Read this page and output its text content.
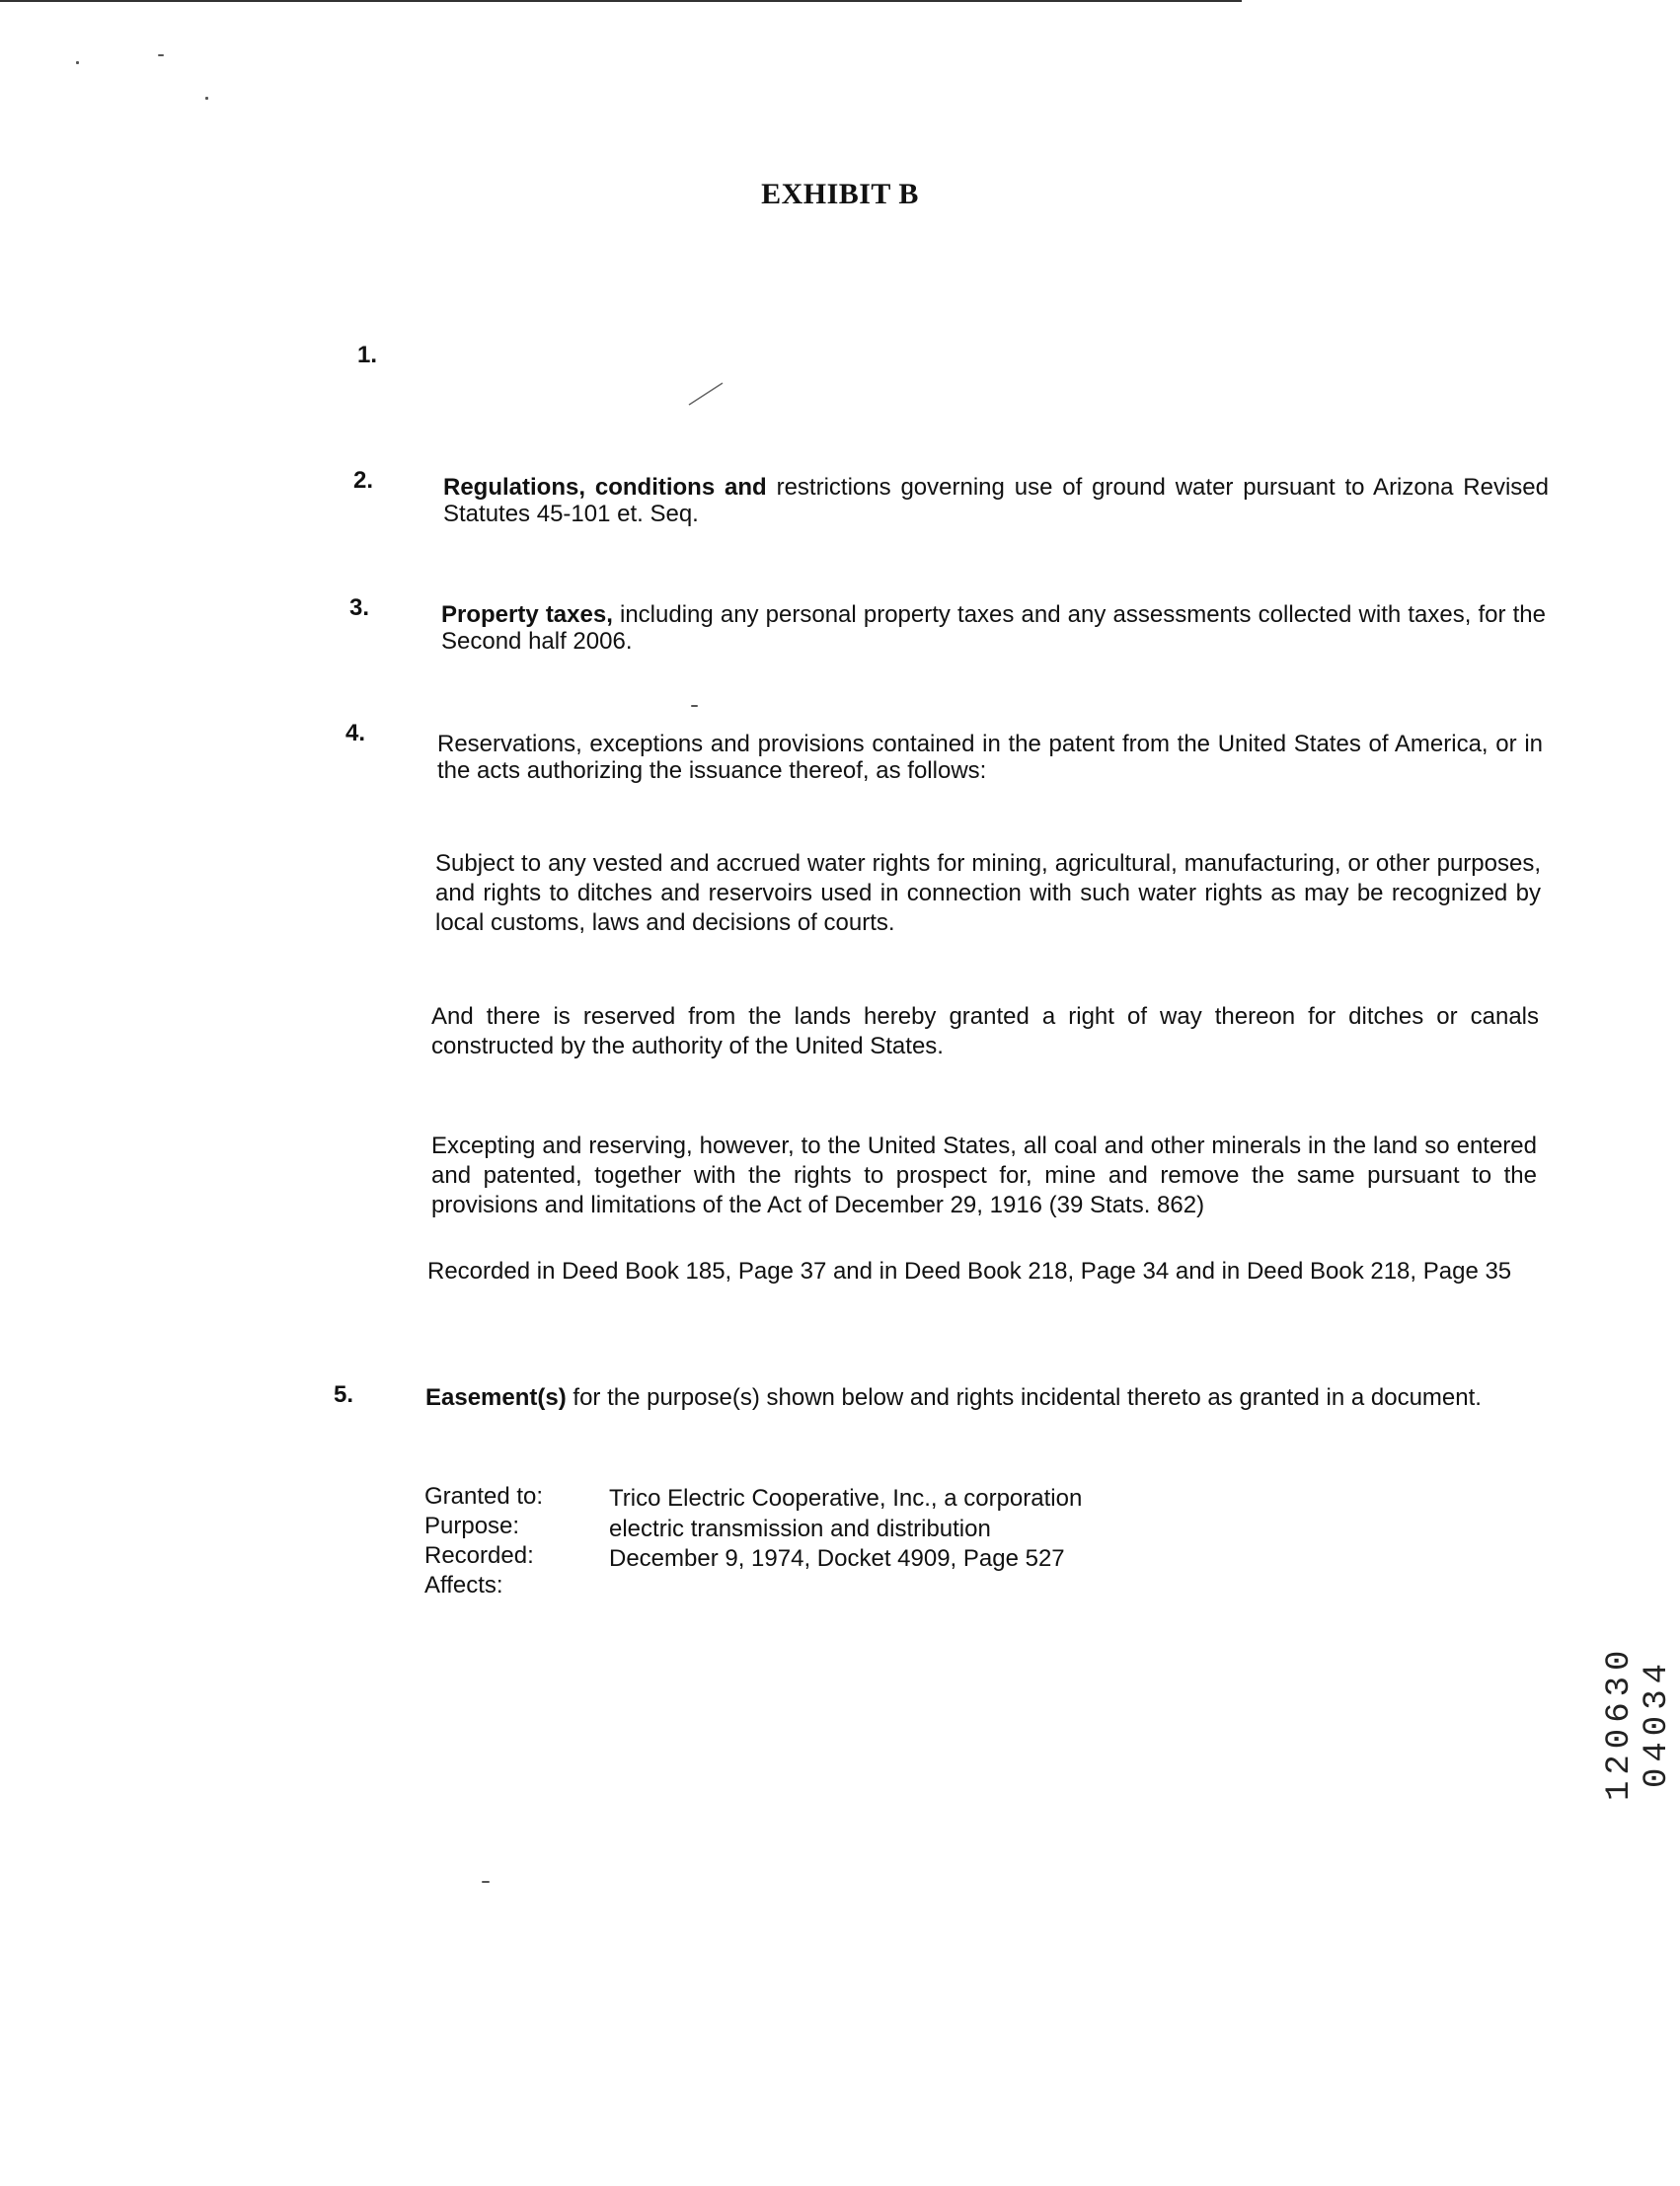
EXHIBIT B
1.
2.	Regulations, conditions and restrictions governing use of ground water pursuant to Arizona Revised Statutes 45-101 et. Seq.
3.	Property taxes, including any personal property taxes and any assessments collected with taxes, for the Second half 2006.
4.	Reservations, exceptions and provisions contained in the patent from the United States of America, or in the acts authorizing the issuance thereof, as follows:
Subject to any vested and accrued water rights for mining, agricultural, manufacturing, or other purposes, and rights to ditches and reservoirs used in connection with such water rights as may be recognized by local customs, laws and decisions of courts.
And there is reserved from the lands hereby granted a right of way thereon for ditches or canals constructed by the authority of the United States.
Excepting and reserving, however, to the United States, all coal and other minerals in the land so entered and patented, together with the rights to prospect for, mine and remove the same pursuant to the provisions and limitations of the Act of December 29, 1916 (39 Stats. 862)
Recorded in Deed Book 185, Page 37 and in Deed Book 218, Page 34 and in Deed Book 218, Page 35
5.	Easement(s) for the purpose(s) shown below and rights incidental thereto as granted in a document.
Granted to:	Trico Electric Cooperative, Inc., a corporation
Purpose:	electric transmission and distribution
Recorded:	December 9, 1974, Docket 4909, Page 527
Affects:
120630 04034
